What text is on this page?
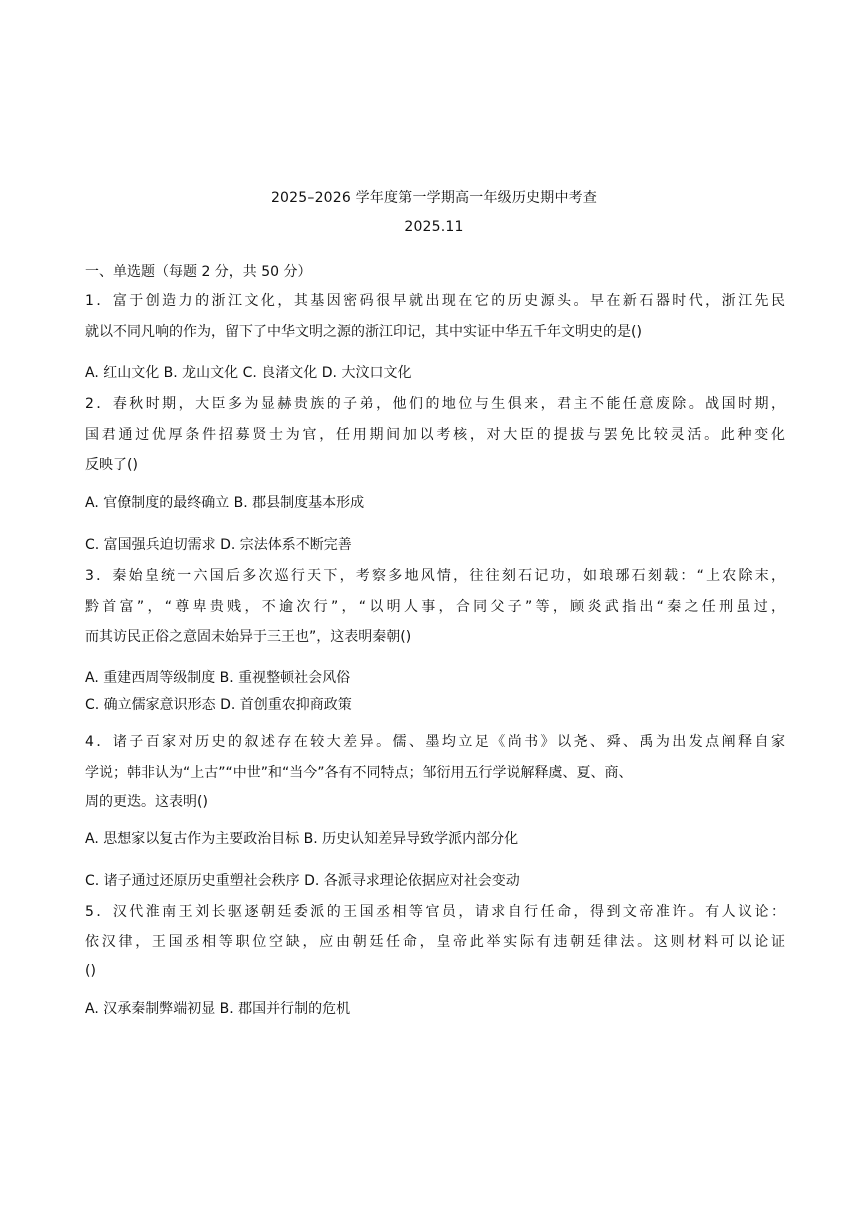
2025–2026 学年度第一学期高一年级历史期中考查
2025.11
一、单选题（每题 2 分，共 50 分）
1．富于创造力的浙江文化，其基因密码很早就出现在它的历史源头。早在新石器时代，浙江先民
就以不同凡响的作为，留下了中华文明之源的浙江印记，其中实证中华五千年文明史的是()
A. 红山文化 B. 龙山文化 C. 良渚文化 D. 大汶口文化
2．春秋时期，大臣多为显赫贵族的子弟，他们的地位与生俱来，君主不能任意废除。战国时期，
国君通过优厚条件招募贤士为官，任用期间加以考核，对大臣的提拔与罢免比较灵活。此种变化
反映了()
A. 官僚制度的最终确立 B. 郡县制度基本形成
C. 富国强兵迫切需求 D. 宗法体系不断完善
3．秦始皇统一六国后多次巡行天下，考察多地风情，往往刻石记功，如琅琊石刻载：“上农除末，
黔首富”，“尊卑贵贱，不逾次行”，“以明人事，合同父子”等，顾炎武指出“秦之任刑虽过，
而其访民正俗之意固未始异于三王也”，这表明秦朝()
A. 重建西周等级制度 B. 重视整顿社会风俗
C. 确立儒家意识形态 D. 首创重农抑商政策
4．诸子百家对历史的叙述存在较大差异。儒、墨均立足《尚书》以尧、舜、禹为出发点阐释自家
学说；韩非认为“上古”“中世”和“当今”各有不同特点；邹衍用五行学说解释虞、夏、商、
周的更迭。这表明()
A. 思想家以复古作为主要政治目标 B. 历史认知差异导致学派内部分化
C. 诸子通过还原历史重塑社会秩序 D. 各派寻求理论依据应对社会变动
5．汉代淮南王刘长驱逐朝廷委派的王国丞相等官员，请求自行任命，得到文帝准许。有人议论：
依汉律，王国丞相等职位空缺，应由朝廷任命，皇帝此举实际有违朝廷律法。这则材料可以论证
()
A. 汉承秦制弊端初显 B. 郡国并行制的危机
